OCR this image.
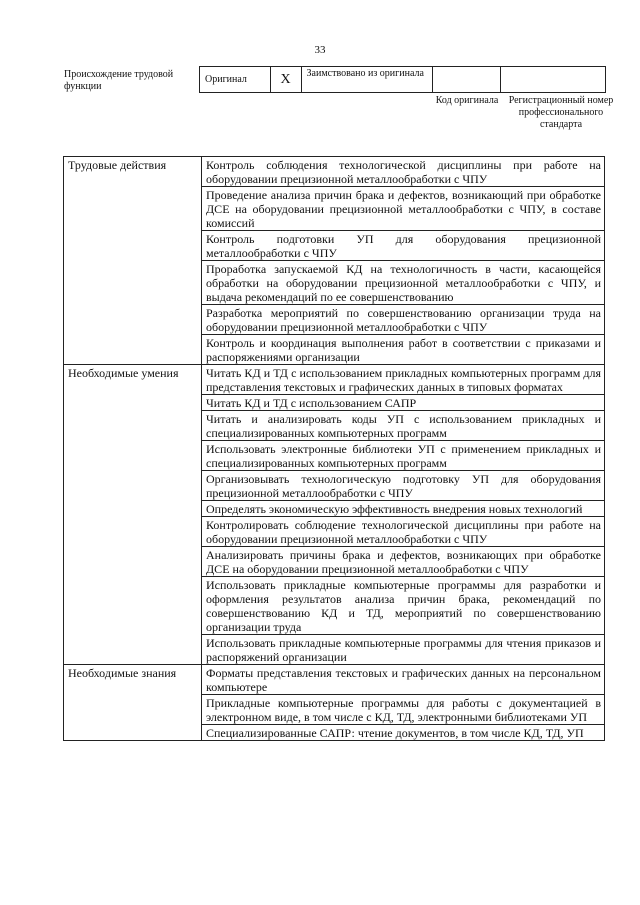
33
Происхождение трудовой функции
Оригинал	X	Заимствовано из оригинала		
Код оригинала Регистрационный номер профессионального стандарта
Трудовые действия	Контроль соблюдения технологической дисциплины при работе на оборудовании прецизионной металлообработки с ЧПУ
	Проведение анализа причин брака и дефектов, возникающий при обработке ДСЕ на оборудовании прецизионной металлообработки с ЧПУ, в составе комиссий
	Контроль подготовки УП для оборудования прецизионной металлообработки с ЧПУ
	Проработка запускаемой КД на технологичность в части, касающейся обработки на оборудовании прецизионной металлообработки с ЧПУ, и выдача рекомендаций по ее совершенствованию
	Разработка мероприятий по совершенствованию организации труда на оборудовании прецизионной металлообработки с ЧПУ
	Контроль и координация выполнения работ в соответствии с приказами и распоряжениями организации
Необходимые умения	Читать КД и ТД с использованием прикладных компьютерных программ для представления текстовых и графических данных в типовых форматах
	Читать КД и ТД с использованием САПР
	Читать и анализировать коды УП с использованием прикладных и специализированных компьютерных программ
	Использовать электронные библиотеки УП с применением прикладных и специализированных компьютерных программ
	Организовывать технологическую подготовку УП для оборудования прецизионной металлообработки с ЧПУ
	Определять экономическую эффективность внедрения новых технологий
	Контролировать соблюдение технологической дисциплины при работе на оборудовании прецизионной металлообработки с ЧПУ
	Анализировать причины брака и дефектов, возникающих при обработке ДСЕ на оборудовании прецизионной металлообработки с ЧПУ
	Использовать прикладные компьютерные программы для разработки и оформления результатов анализа причин брака, рекомендаций по совершенствованию КД и ТД, мероприятий по совершенствованию организации труда
	Использовать прикладные компьютерные программы для чтения приказов и распоряжений организации
Необходимые знания	Форматы представления текстовых и графических данных на персональном компьютере
	Прикладные компьютерные программы для работы с документацией в электронном виде, в том числе с КД, ТД, электронными библиотеками УП
	Специализированные САПР: чтение документов, в том числе КД, ТД, УП
